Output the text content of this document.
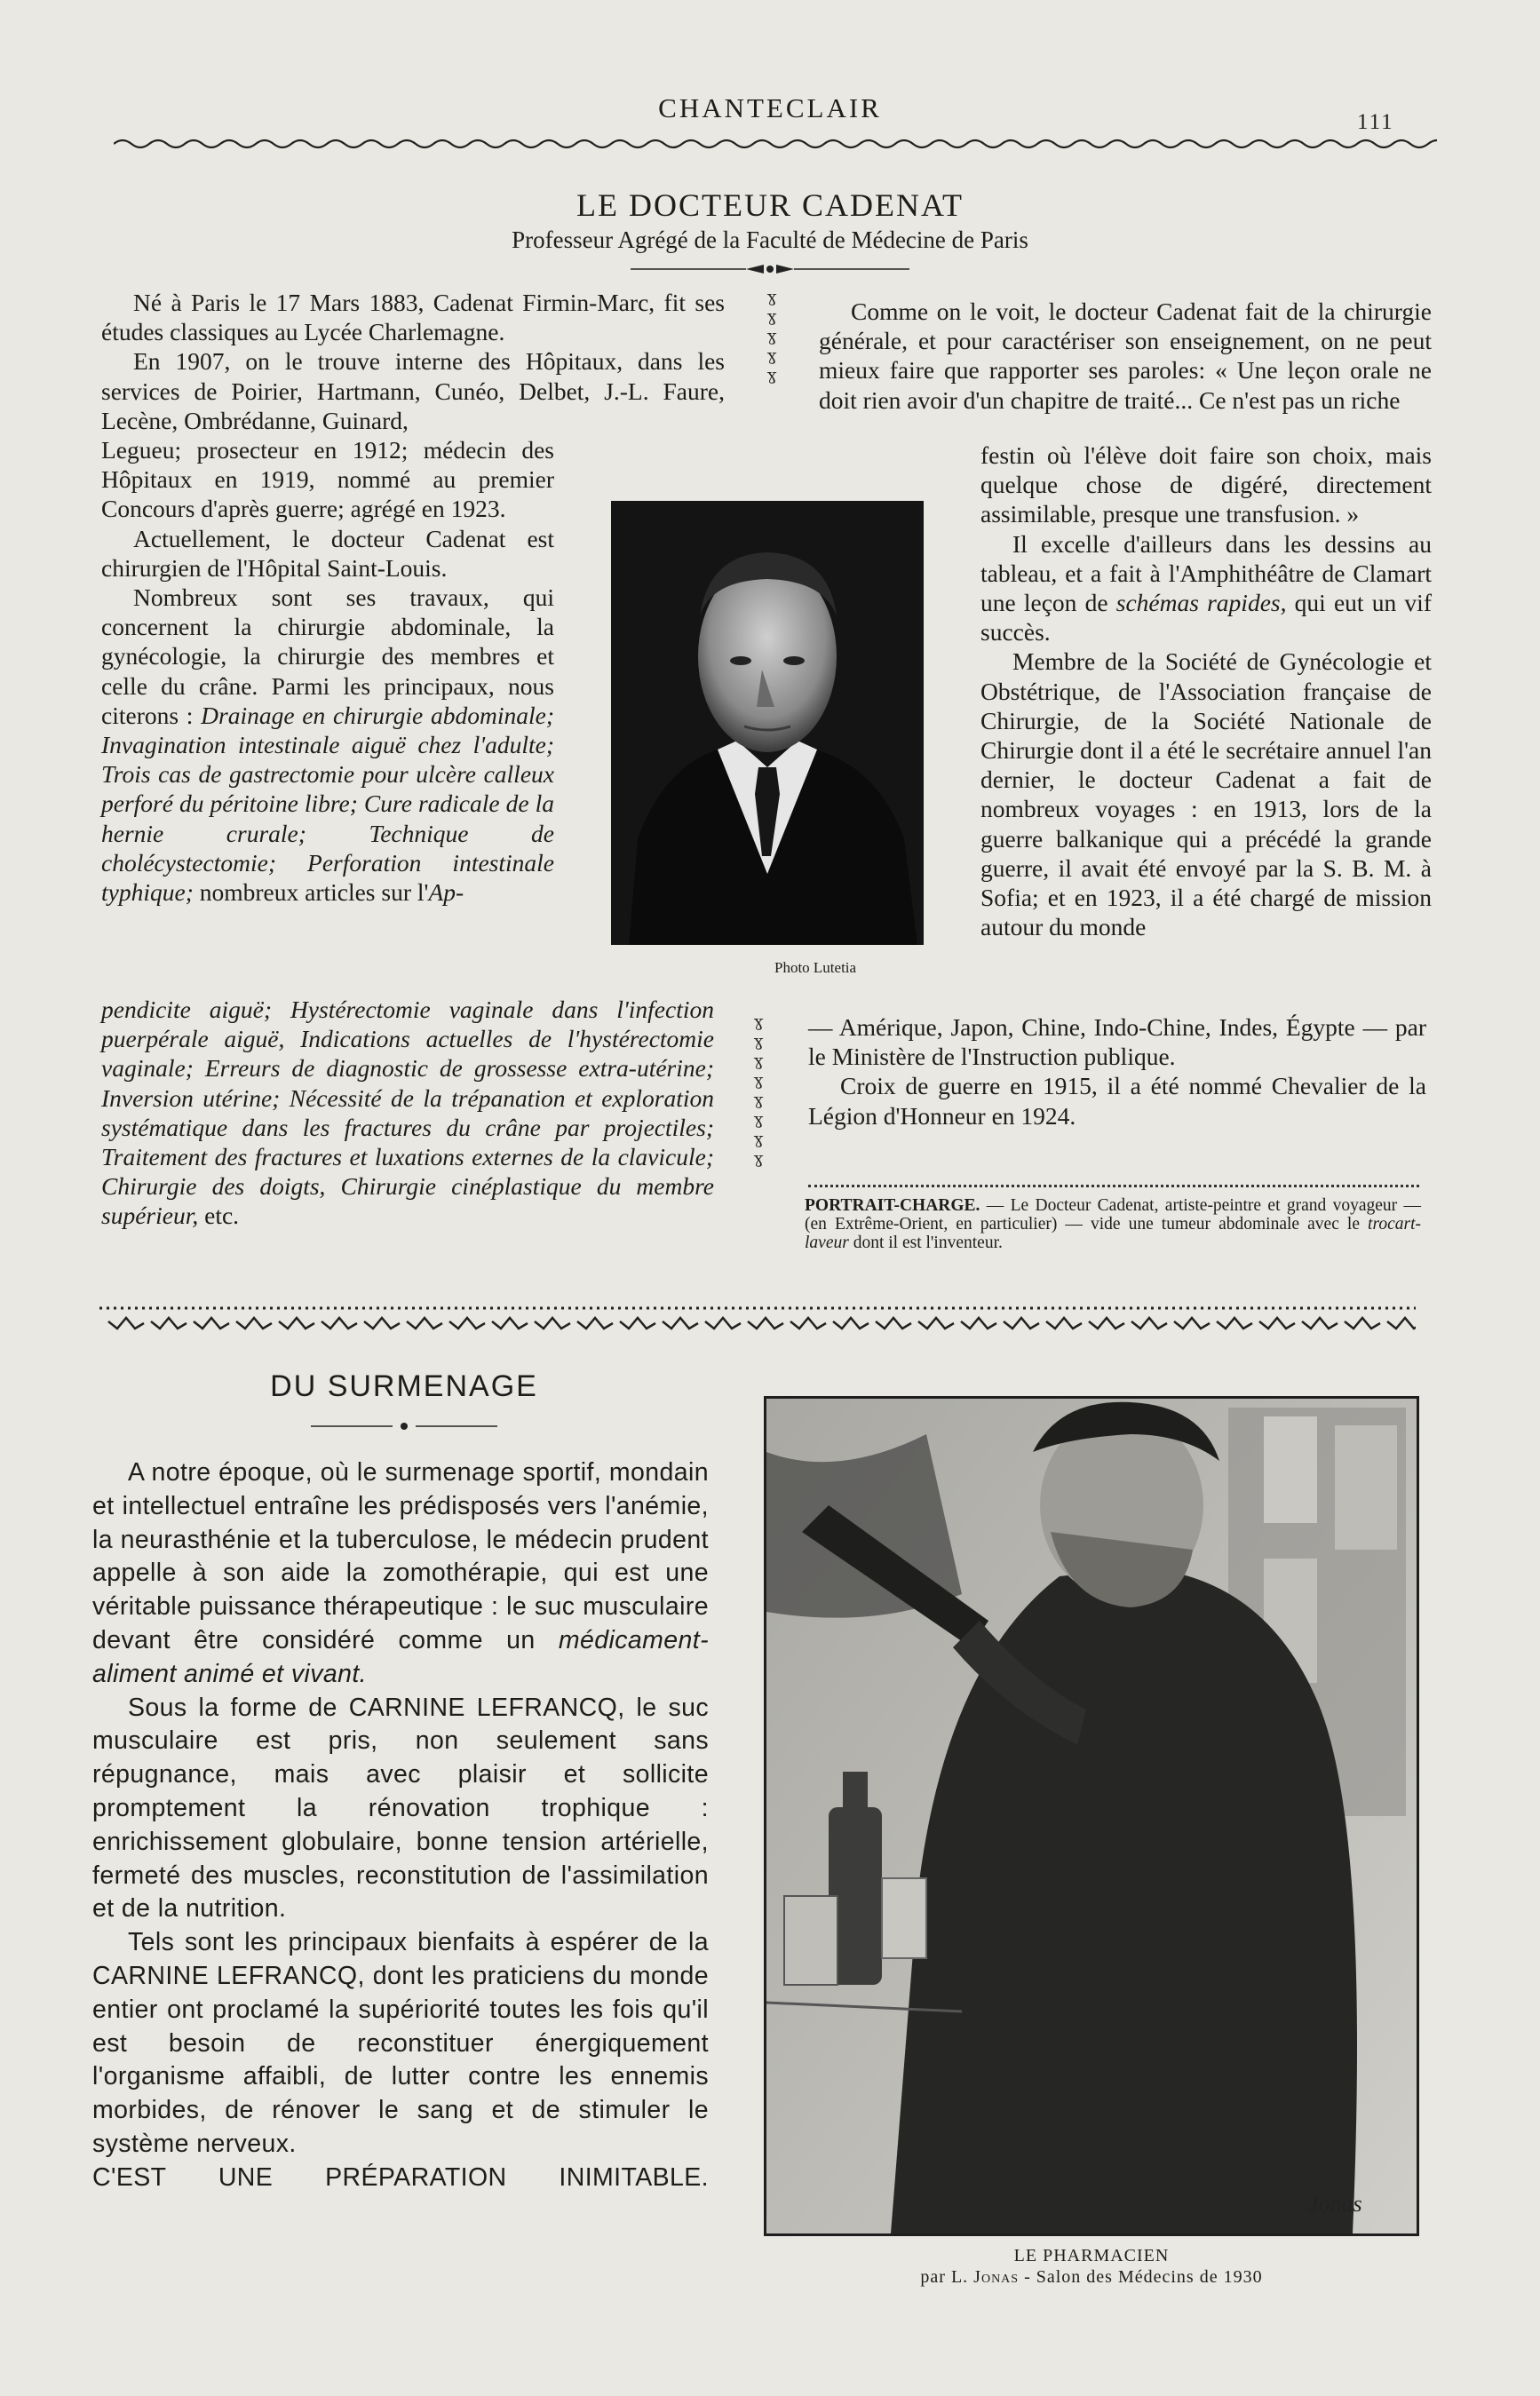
CHANTECLAIR	111
LE DOCTEUR CADENAT
Professeur Agrégé de la Faculté de Médecine de Paris

Né à Paris le 17 Mars 1883, Cadenat Firmin-Marc, fit ses études classiques au Lycée Charlemagne.

En 1907, on le trouve interne des Hôpitaux, dans les services de Poirier, Hartmann, Cunéo, Delbet, J.-L. Faure, Lecène, Ombrédanne, Guinard,

Legueu; prosecteur en 1912; médecin des Hôpitaux en 1919, nommé au premier Concours d'après guerre; agrégé en 1923.

Actuellement, le docteur Cadenat est chirurgien de l'Hôpital Saint-Louis.

Nombreux sont ses travaux, qui concernent la chirurgie abdominale, la gynécologie, la chirurgie des membres et celle du crâne. Parmi les principaux, nous citerons : Drainage en chirurgie abdominale; Invagination intestinale aiguë chez l'adulte; Trois cas de gastrectomie pour ulcère calleux perforé du péritoine libre; Cure radicale de la hernie crurale; Technique de cholécystectomie; Perforation intestinale typhique; nombreux articles sur l'Ap-

pendicite aiguë; Hystérectomie vaginale dans l'infection puerpérale aiguë, Indications actuelles de l'hystérectomie vaginale; Erreurs de diagnostic de grossesse extra-utérine; Inversion utérine; Nécessité de la trépanation et exploration systématique dans les fractures du crâne par projectiles; Traitement des fractures et luxations externes de la clavicule; Chirurgie des doigts, Chirurgie cinéplastique du membre supérieur, etc.

ɣ
ɣ
ɣ
ɣ
ɣ
ɣ
ɣ
ɣ
ɣ
ɣ
ɣ
ɣ
ɣ
Photo Lutetia

Comme on le voit, le docteur Cadenat fait de la chirurgie générale, et pour caractériser son enseignement, on ne peut mieux faire que rapporter ses paroles: « Une leçon orale ne doit rien avoir d'un chapitre de traité... Ce n'est pas un riche

festin où l'élève doit faire son choix, mais quelque chose de digéré, directement assimilable, presque une transfusion. »

Il excelle d'ailleurs dans les dessins au tableau, et a fait à l'Amphithéâtre de Clamart une leçon de schémas rapides, qui eut un vif succès.

Membre de la Société de Gynécologie et Obstétrique, de l'Association française de Chirurgie, de la Société Nationale de Chirurgie dont il a été le secrétaire annuel l'an dernier, le docteur Cadenat a fait de nombreux voyages : en 1913, lors de la guerre balkanique qui a précédé la grande guerre, il avait été envoyé par la S. B. M. à Sofia; et en 1923, il a été chargé de mission autour du monde

— Amérique, Japon, Chine, Indo-Chine, Indes, Égypte — par le Ministère de l'Instruction publique.

Croix de guerre en 1915, il a été nommé Chevalier de la Légion d'Honneur en 1924.

PORTRAIT-CHARGE. — Le Docteur Cadenat, artiste-peintre et grand voyageur — (en Extrême-Orient, en particulier) — vide une tumeur abdominale avec le trocart-laveur dont il est l'inventeur.
DU SURMENAGE

A notre époque, où le surmenage sportif, mondain et intellectuel entraîne les prédisposés vers l'anémie, la neurasthénie et la tuberculose, le médecin prudent appelle à son aide la zomothérapie, qui est une véritable puissance thérapeutique : le suc musculaire devant être considéré comme un médicament-aliment animé et vivant.

Sous la forme de CARNINE LEFRANCQ, le suc musculaire est pris, non seulement sans répugnance, mais avec plaisir et sollicite promptement la rénovation trophique : enrichissement globulaire, bonne tension artérielle, fermeté des muscles, reconstitution de l'assimilation et de la nutrition.

Tels sont les principaux bienfaits à espérer de la CARNINE LEFRANCQ, dont les praticiens du monde entier ont proclamé la supériorité toutes les fois qu'il est besoin de reconstituer énergiquement l'organisme affaibli, de lutter contre les ennemis morbides, de rénover le sang et de stimuler le système nerveux.

C'EST UNE PRÉPARATION INIMITABLE.

Jonas
LE PHARMACIEN
par L. Jonas - Salon des Médecins de 1930
